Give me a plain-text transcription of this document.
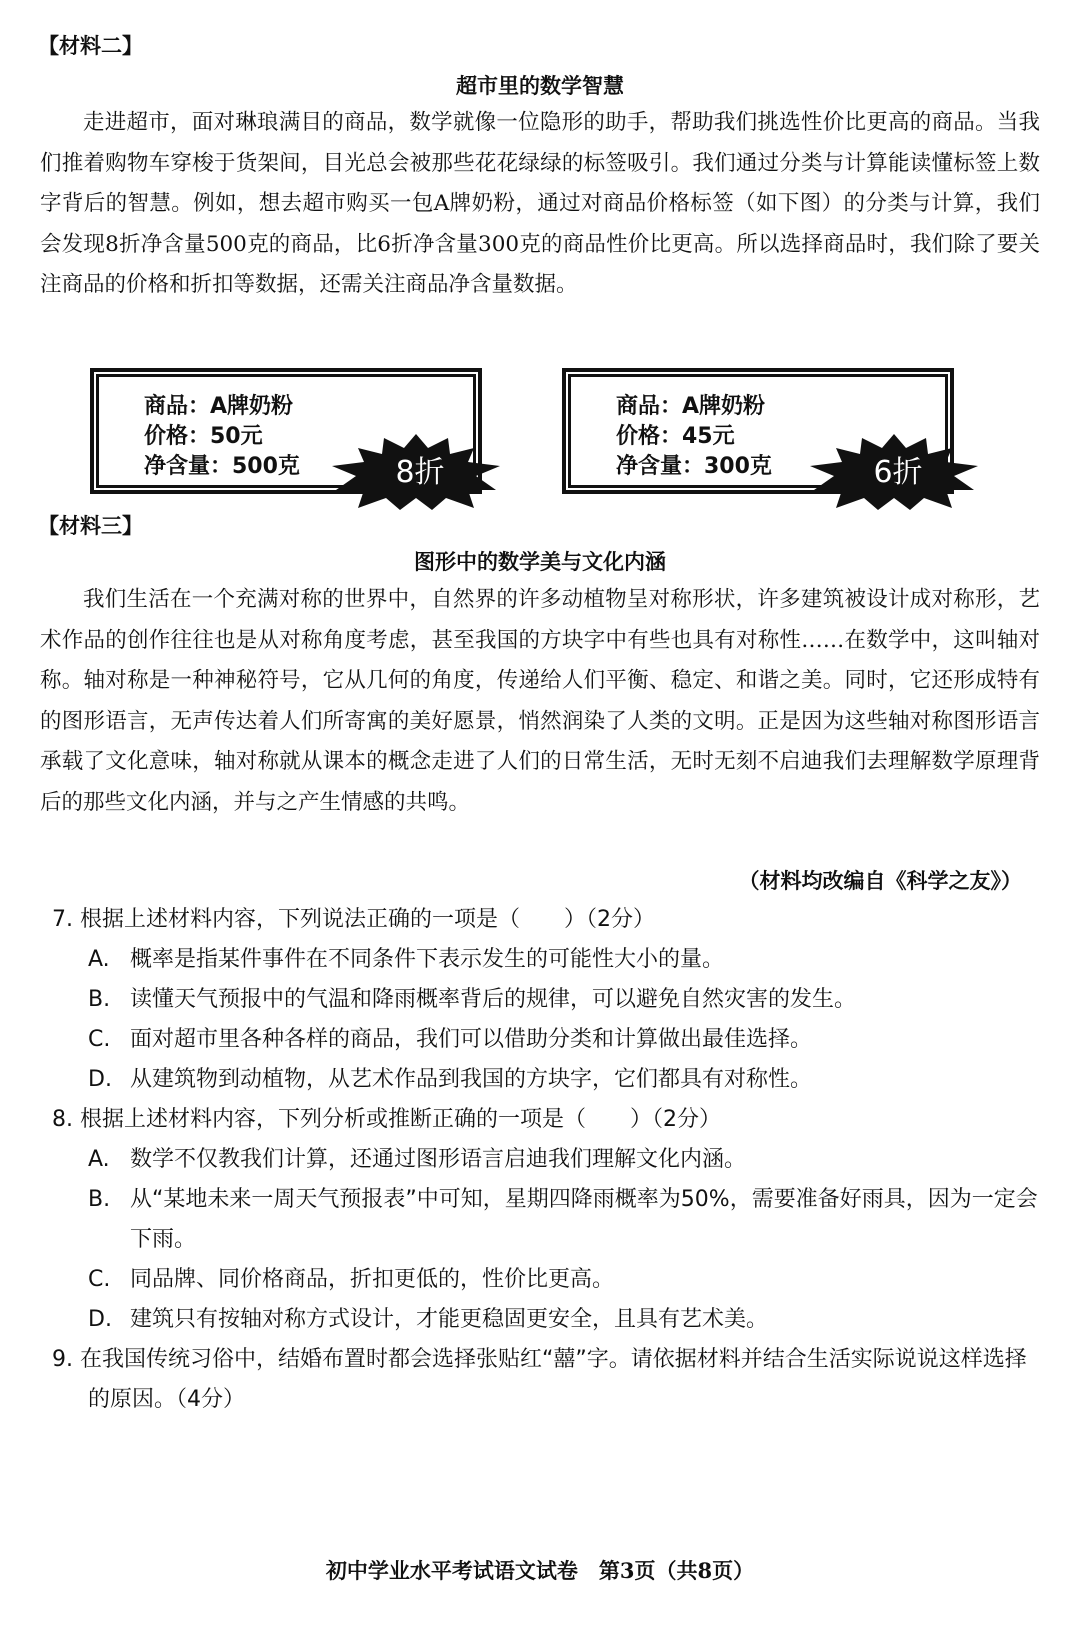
【材料二】
超市里的数学智慧

走进超市，面对琳琅满目的商品，数学就像一位隐形的助手，帮助我们挑选性价比更高的商品。当我们推着购物车穿梭于货架间，目光总会被那些花花绿绿的标签吸引。我们通过分类与计算能读懂标签上数字背后的智慧。例如，想去超市购买一包A牌奶粉，通过对商品价格标签（如下图）的分类与计算，我们会发现8折净含量500克的商品，比6折净含量300克的商品性价比更高。所以选择商品时，我们除了要关注商品的价格和折扣等数据，还需关注商品净含量数据。

商品：A牌奶粉
价格：50元
净含量：500克	8折
商品：A牌奶粉
价格：45元
净含量：300克	6折
【材料三】
图形中的数学美与文化内涵

我们生活在一个充满对称的世界中，自然界的许多动植物呈对称形状，许多建筑被设计成对称形，艺术作品的创作往往也是从对称角度考虑，甚至我国的方块字中有些也具有对称性……在数学中，这叫轴对称。轴对称是一种神秘符号，它从几何的角度，传递给人们平衡、稳定、和谐之美。同时，它还形成特有的图形语言，无声传达着人们所寄寓的美好愿景，悄然润染了人类的文明。正是因为这些轴对称图形语言承载了文化意味，轴对称就从课本的概念走进了人们的日常生活，无时无刻不启迪我们去理解数学原理背后的那些文化内涵，并与之产生情感的共鸣。

（材料均改编自《科学之友》）
7. 根据上述材料内容，下列说法正确的一项是（　　）（2分）
A. 概率是指某件事件在不同条件下表示发生的可能性大小的量。
B. 读懂天气预报中的气温和降雨概率背后的规律，可以避免自然灾害的发生。
C. 面对超市里各种各样的商品，我们可以借助分类和计算做出最佳选择。
D. 从建筑物到动植物，从艺术作品到我国的方块字，它们都具有对称性。
8. 根据上述材料内容，下列分析或推断正确的一项是（　　）（2分）
A. 数学不仅教我们计算，还通过图形语言启迪我们理解文化内涵。
B. 从“某地未来一周天气预报表”中可知，星期四降雨概率为50%，需要准备好雨具，因为一定会下雨。
C. 同品牌、同价格商品，折扣更低的，性价比更高。
D. 建筑只有按轴对称方式设计，才能更稳固更安全，且具有艺术美。
9. 在我国传统习俗中，结婚布置时都会选择张贴红“囍”字。请依据材料并结合生活实际说说这样选择的原因。（4分）
初中学业水平考试语文试卷　第3页（共8页）
